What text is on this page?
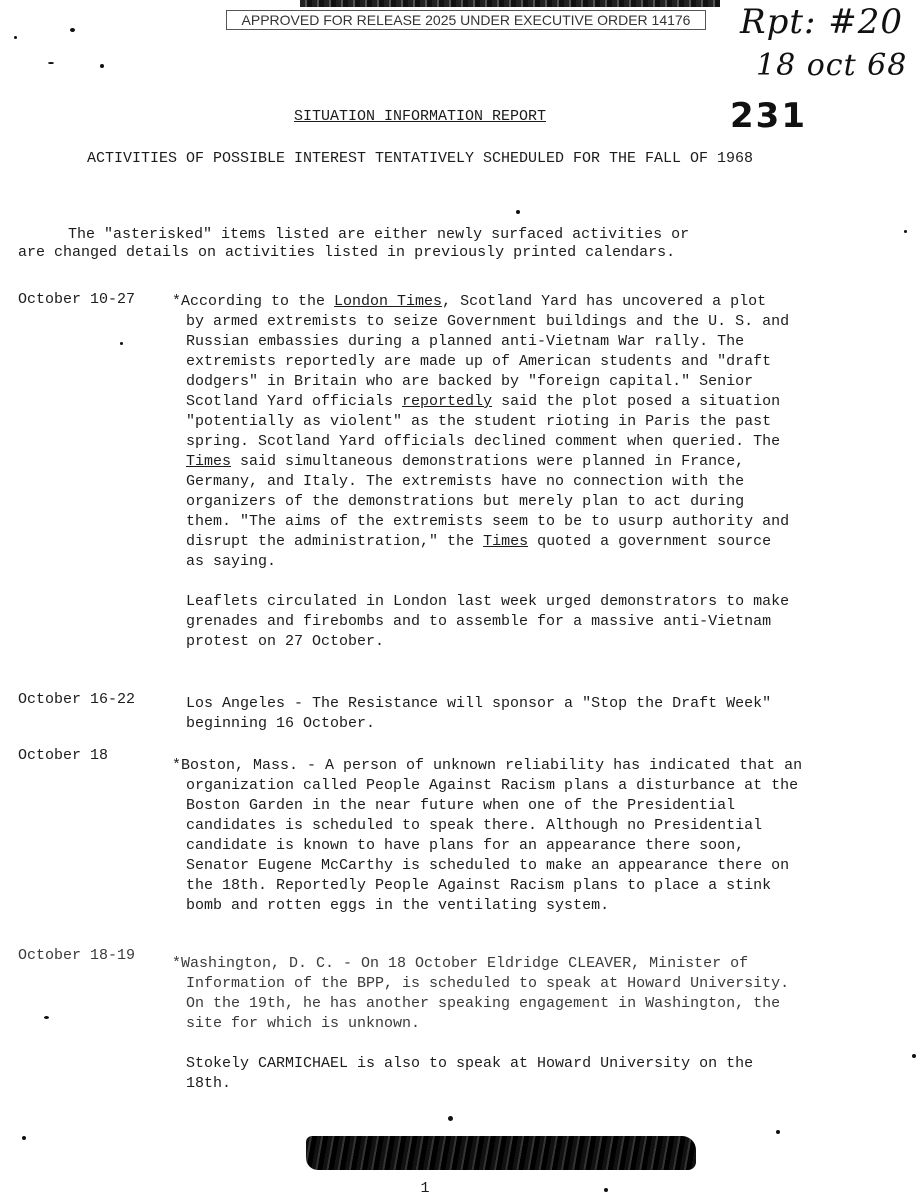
APPROVED FOR RELEASE 2025 UNDER EXECUTIVE ORDER 14176	Rpt: #20
18 oct 68
231
SITUATION INFORMATION REPORT
ACTIVITIES OF POSSIBLE INTEREST TENTATIVELY SCHEDULED FOR THE FALL OF 1968
The "asterisked" items listed are either newly surfaced activities or are changed details on activities listed in previously printed calendars.
October 10-27 *According to the London Times, Scotland Yard has uncovered a plot by armed extremists to seize Government buildings and the U. S. and Russian embassies during a planned anti-Vietnam War rally. The extremists reportedly are made up of American students and "draft dodgers" in Britain who are backed by "foreign capital." Senior Scotland Yard officials reportedly said the plot posed a situation "potentially as violent" as the student rioting in Paris the past spring. Scotland Yard officials declined comment when queried. The Times said simultaneous demonstrations were planned in France, Germany, and Italy. The extremists have no connection with the organizers of the demonstrations but merely plan to act during them. "The aims of the extremists seem to be to usurp authority and disrupt the administration," the Times quoted a government source as saying.

Leaflets circulated in London last week urged demonstrators to make grenades and firebombs and to assemble for a massive anti-Vietnam protest on 27 October.

October 16-22	Los Angeles - The Resistance will sponsor a "Stop the Draft Week" beginning 16 October.

October 18

*Boston, Mass. - A person of unknown reliability has indicated that an organization called People Against Racism plans a disturbance at the Boston Garden in the near future when one of the Presidential candidates is scheduled to speak there. Although no Presidential candidate is known to have plans for an appearance there soon, Senator Eugene McCarthy is scheduled to make an appearance there on the 18th. Reportedly People Against Racism plans to place a stink bomb and rotten eggs in the ventilating system.

October 18-19 *Washington, D. C. - On 18 October Eldridge CLEAVER, Minister of Information of the BPP, is scheduled to speak at Howard University. On the 19th, he has another speaking engagement in Washington, the site for which is unknown.

Stokely CARMICHAEL is also to speak at Howard University on the 18th.

1
